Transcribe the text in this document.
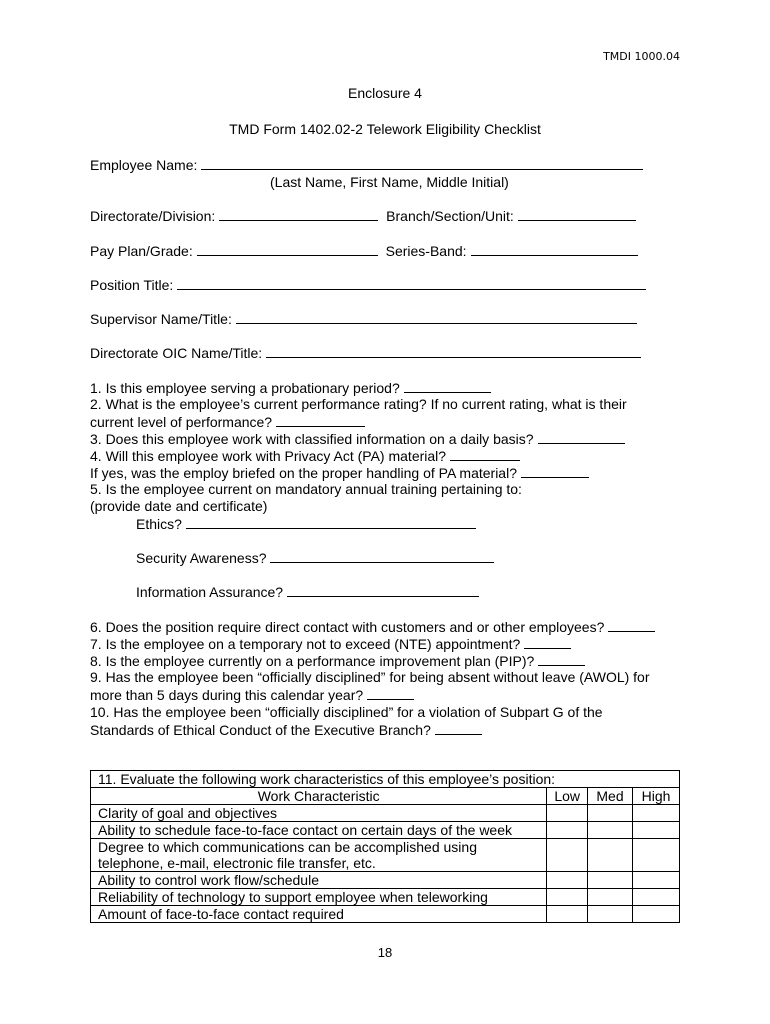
TMDI 1000.04
Enclosure 4
TMD Form 1402.02-2 Telework Eligibility Checklist
Employee Name:
(Last Name, First Name, Middle Initial)
Directorate/Division:	Branch/Section/Unit:
Pay Plan/Grade:	Series-Band:
Position Title:
Supervisor Name/Title:
Directorate OIC Name/Title:
1. Is this employee serving a probationary period?
2. What is the employee’s current performance rating? If no current rating, what is their
current level of performance?
3. Does this employee work with classified information on a daily basis?
4. Will this employee work with Privacy Act (PA) material?
If yes, was the employ briefed on the proper handling of PA material?
5. Is the employee current on mandatory annual training pertaining to:
(provide date and certificate)
Ethics?
Security Awareness?
Information Assurance?
6. Does the position require direct contact with customers and or other employees?
7. Is the employee on a temporary not to exceed (NTE) appointment?
8. Is the employee currently on a performance improvement plan (PIP)?
9. Has the employee been “officially disciplined” for being absent without leave (AWOL) for
more than 5 days during this calendar year?
10. Has the employee been “officially disciplined” for a violation of Subpart G of the
Standards of Ethical Conduct of the Executive Branch?
11. Evaluate the following work characteristics of this employee’s position:			
Work Characteristic	Low	Med	High
Clarity of goal and objectives			
Ability to schedule face-to-face contact on certain days of the week			
Degree to which communications can be accomplished using
telephone, e-mail, electronic file transfer, etc.			
Ability to control work flow/schedule			
Reliability of technology to support employee when teleworking			
Amount of face-to-face contact required			
18
